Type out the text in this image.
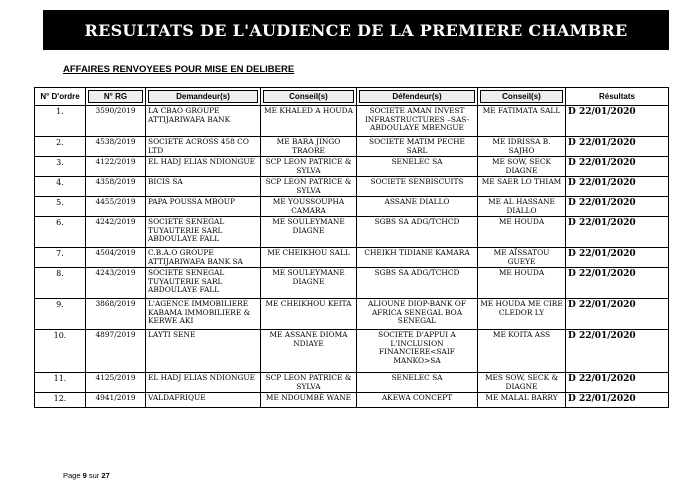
RESULTATS DE L'AUDIENCE DE LA PREMIERE CHAMBRE
AFFAIRES RENVOYEES POUR MISE EN DELIBERE
N° D'ordre	N° RG	Demandeur(s)	Conseil(s)	Défendeur(s)	Conseil(s)	Résultats
1.	3590/2019	LA CBAO GROUPE ATTIJARIWAFA BANK	ME KHALED A HOUDA	SOCIETE AMAN INVEST INFRASTRUCTURES –SAS-ABDOULAYE MBENGUE	ME FATIMATA SALL	D 22/01/2020
2.	4538/2019	SOCIETE ACROSS 458 CO LTD	ME BARA JINGO TRAORE	SOCIETE MATIM PECHE SARL	ME IDRISSA B. SAJHO	D 22/01/2020
3.	4122/2019	EL HADJ ELIAS NDIONGUE	SCP LEON PATRICE & SYLVA	SENELEC SA	ME SOW, SECK DIAGNE	D 22/01/2020
4.	4358/2019	BICIS SA	SCP LEON PATRICE & SYLVA	SOCIETE SENBISCUITS	ME SAER LO THIAM	D 22/01/2020
5.	4455/2019	PAPA POUSSA MBOUP	ME YOUSSOUPHA CAMARA	ASSANE DIALLO	ME AL HASSANE DIALLO	D 22/01/2020
6.	4242/2019	SOCIETE SENEGAL TUYAUTERIE SARL ABDOULAYE FALL	ME SOULEYMANE DIAGNE	SGBS SA ADG/TCHCD	ME HOUDA	D 22/01/2020
7.	4504/2019	C.B.A.O GROUPE ATTIJARIWAFA BANK SA	ME CHEIKHOU SALL	CHEIKH TIDIANE KAMARA	ME AÏSSATOU GUEYE	D 22/01/2020
8.	4243/2019	SOCIETE SENEGAL TUYAUTERIE SARL ABDOULAYE FALL	ME SOULEYMANE DIAGNE	SGBS SA ADG/TCHCD	ME HOUDA	D 22/01/2020
9.	3868/2019	L'AGENCE IMMOBILIERE KABAMA IMMOBILIERE & KERWE AKI	ME CHEIKHOU KEITA	ALIOUNE DIOP-BANK OF AFRICA SENEGAL BOA SENEGAL	ME HOUDA ME CIRE CLEDOR LY	D 22/01/2020
10.	4897/2019	LAYTI SENE	ME ASSANE DIOMA NDIAYE	SOCIETE D'APPUI A L'INCLUSION FINANCIERE<SAIF MANKO>SA	ME KOITA ASS	D 22/01/2020
11.	4125/2019	EL HADJ ELIAS NDIONGUE	SCP LEON PATRICE & SYLVA	SENELEC SA	MES SOW, SECK & DIAGNE	D 22/01/2020
12.	4941/2019	VALDAFRIQUE	ME NDOUMBÉ WANE	AKEWA CONCEPT	ME MALAL BARRY	D 22/01/2020
Page 9 sur 27
